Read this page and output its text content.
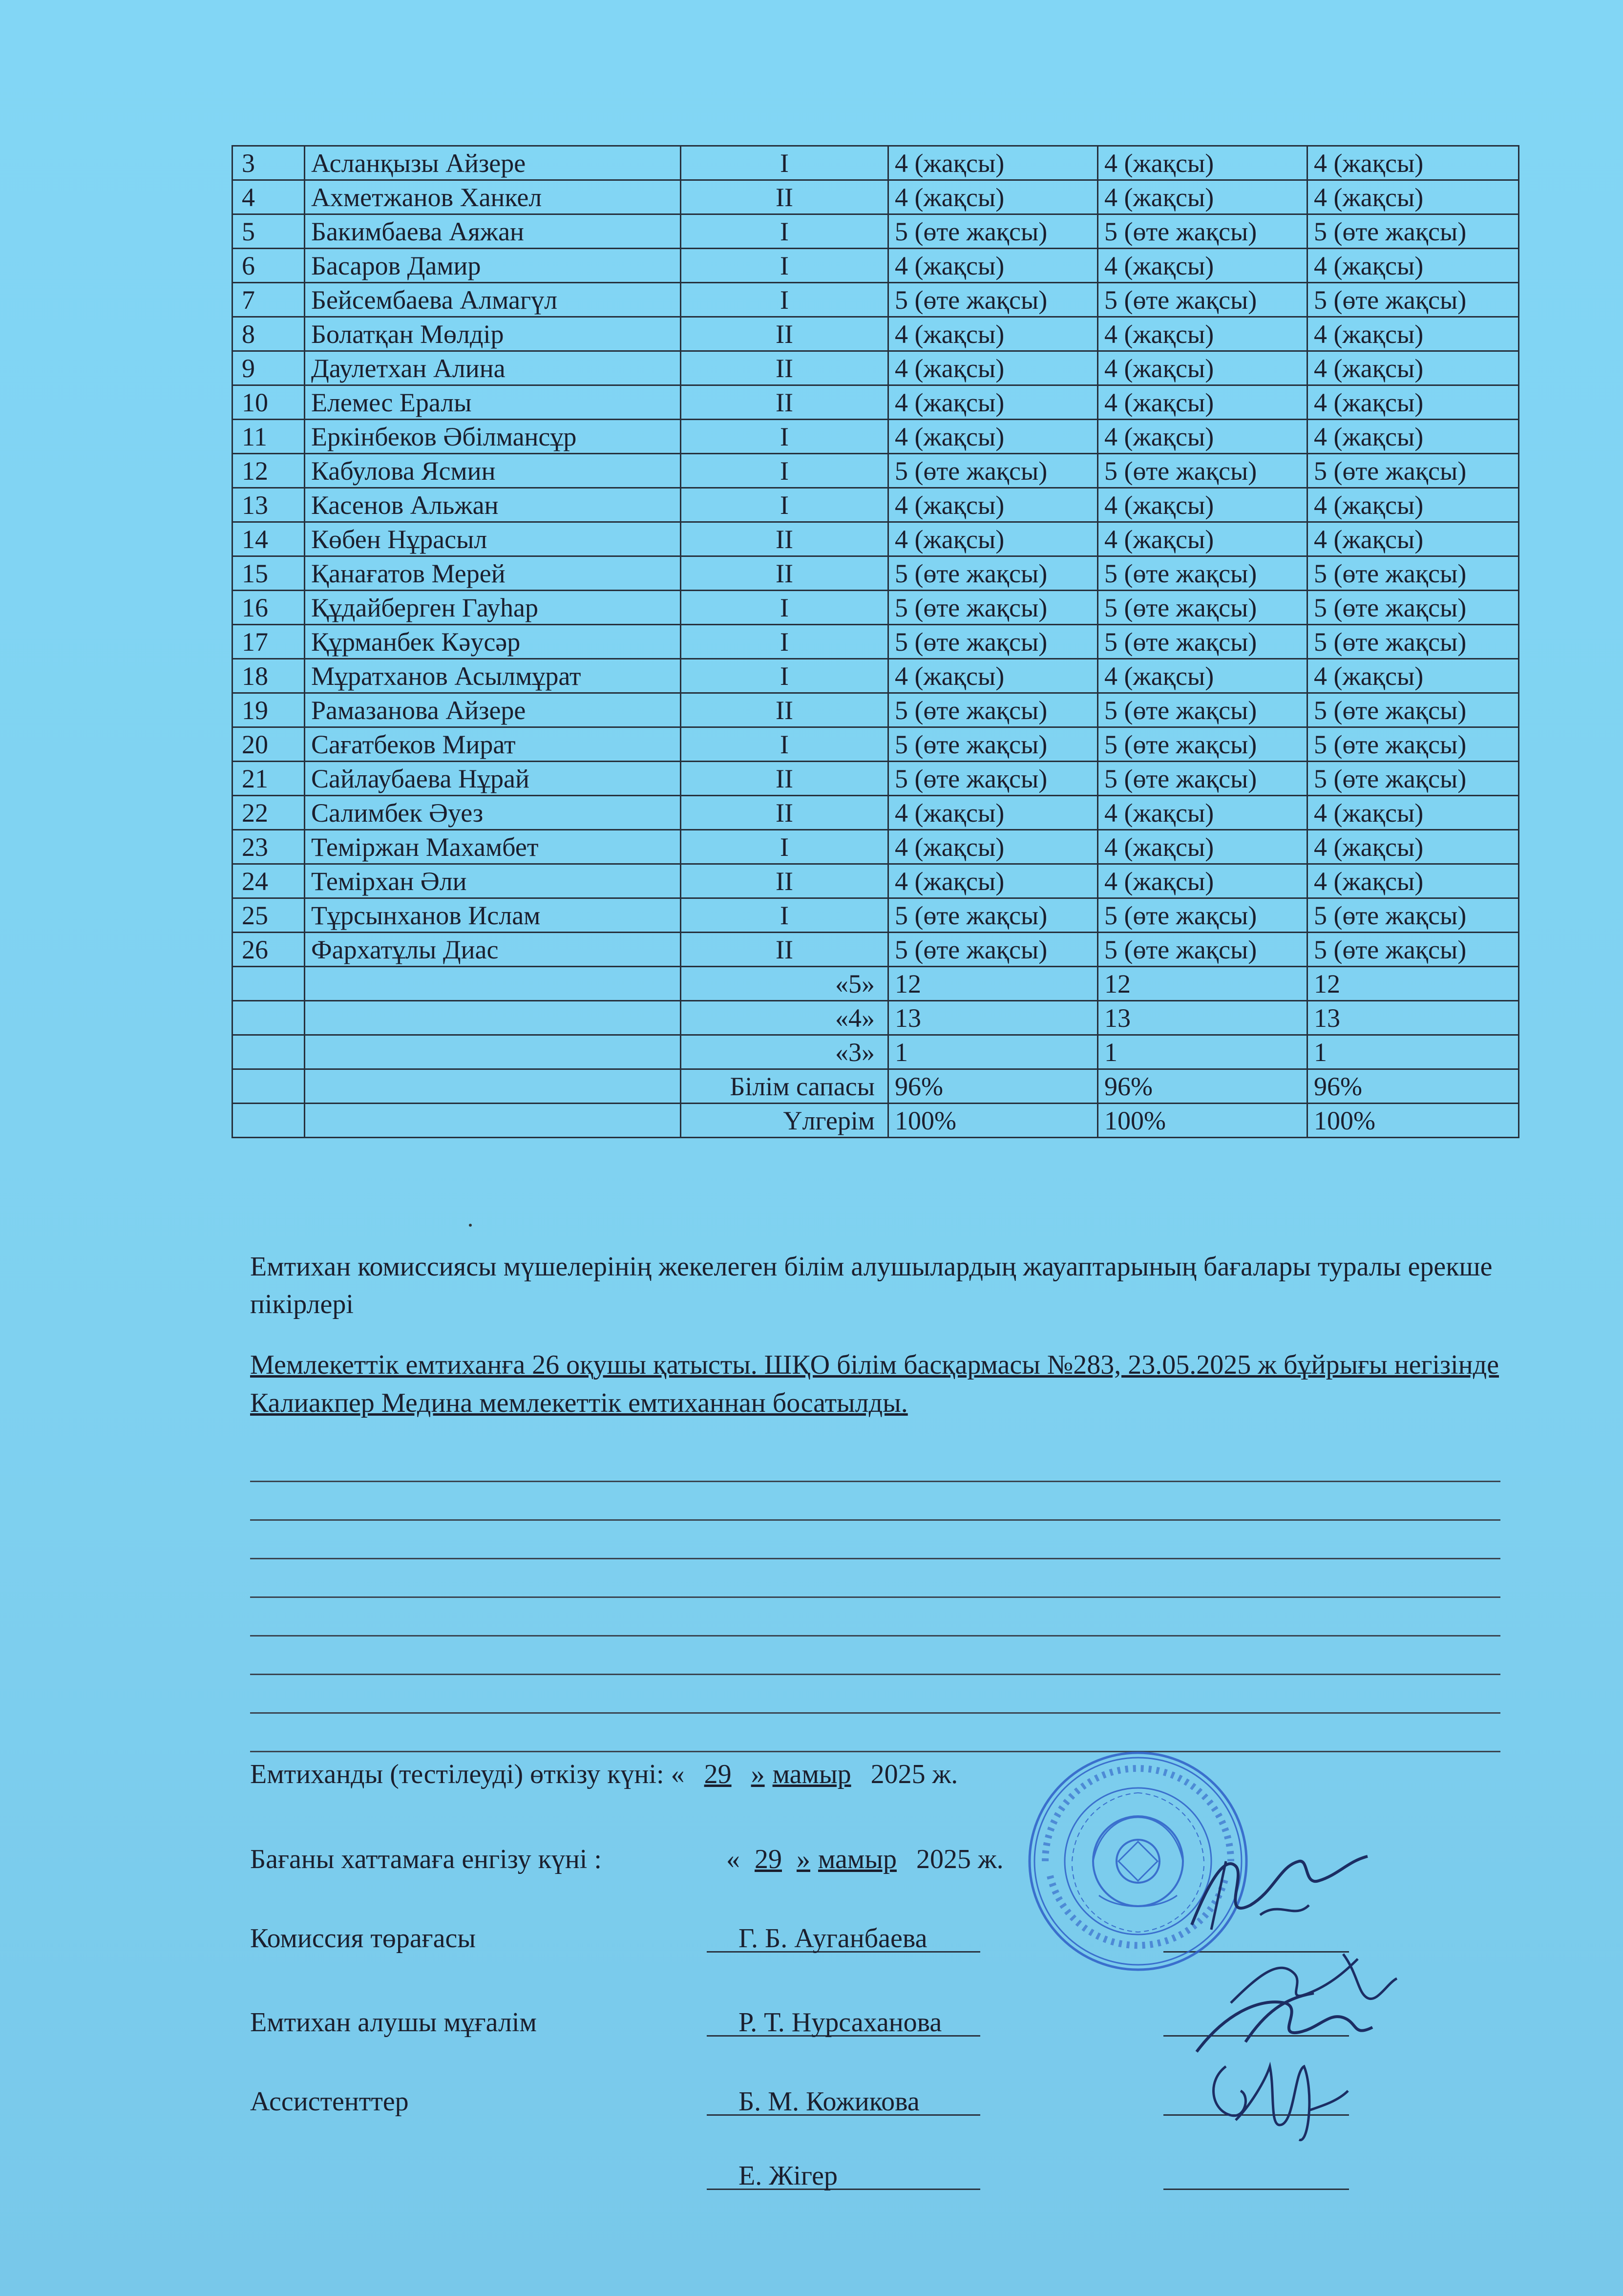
3	Асланқызы Айзере	I	4 (жақсы)	4 (жақсы)	4 (жақсы)
4	Ахметжанов Ханкел	II	4 (жақсы)	4 (жақсы)	4 (жақсы)
5	Бакимбаева Аяжан	I	5 (өте жақсы)	5 (өте жақсы)	5 (өте жақсы)
6	Басаров Дамир	I	4 (жақсы)	4 (жақсы)	4 (жақсы)
7	Бейсембаева Алмагүл	I	5 (өте жақсы)	5 (өте жақсы)	5 (өте жақсы)
8	Болатқан Мөлдір	II	4 (жақсы)	4 (жақсы)	4 (жақсы)
9	Даулетхан Алина	II	4 (жақсы)	4 (жақсы)	4 (жақсы)
10	Елемес Ералы	II	4 (жақсы)	4 (жақсы)	4 (жақсы)
11	Еркінбеков Әбілмансұр	I	4 (жақсы)	4 (жақсы)	4 (жақсы)
12	Кабулова Ясмин	I	5 (өте жақсы)	5 (өте жақсы)	5 (өте жақсы)
13	Касенов Альжан	I	4 (жақсы)	4 (жақсы)	4 (жақсы)
14	Көбен Нұрасыл	II	4 (жақсы)	4 (жақсы)	4 (жақсы)
15	Қанағатов Мерей	II	5 (өте жақсы)	5 (өте жақсы)	5 (өте жақсы)
16	Құдайберген Гауһар	I	5 (өте жақсы)	5 (өте жақсы)	5 (өте жақсы)
17	Құрманбек Кәусәр	I	5 (өте жақсы)	5 (өте жақсы)	5 (өте жақсы)
18	Мұратханов Асылмұрат	I	4 (жақсы)	4 (жақсы)	4 (жақсы)
19	Рамазанова Айзере	II	5 (өте жақсы)	5 (өте жақсы)	5 (өте жақсы)
20	Сағатбеков Мират	I	5 (өте жақсы)	5 (өте жақсы)	5 (өте жақсы)
21	Сайлаубаева Нұрай	II	5 (өте жақсы)	5 (өте жақсы)	5 (өте жақсы)
22	Салимбек Әуез	II	4 (жақсы)	4 (жақсы)	4 (жақсы)
23	Теміржан Махамбет	I	4 (жақсы)	4 (жақсы)	4 (жақсы)
24	Темірхан Әли	II	4 (жақсы)	4 (жақсы)	4 (жақсы)
25	Тұрсынханов Ислам	I	5 (өте жақсы)	5 (өте жақсы)	5 (өте жақсы)
26	Фархатұлы Диас	II	5 (өте жақсы)	5 (өте жақсы)	5 (өте жақсы)
		«5»	12	12	12
		«4»	13	13	13
		«3»	1	1	1
		Білім сапасы	96%	96%	96%
		Үлгерім	100%	100%	100%
Емтихан комиссиясы мүшелерінің жекелеген білім алушылардың жауаптарының бағалары туралы ерекше пікірлері
Мемлекеттік емтиханға 26 оқушы қатысты. ШҚО білім басқармасы №283, 23.05.2025 ж бұйрығы негізінде Калиакпер Медина мемлекеттік емтиханнан босатылды.
Емтиханды (тестілеуді) өткізу күні: « 29 » мамыр 2025 ж.
Бағаны хаттамаға енгізу күні :	« 29 » мамыр 2025 ж.
Комиссия төрағасы	Г. Б. Ауганбаева
Емтихан алушы мұғалім	Р. Т. Нурсаханова
Ассистенттер	Б. М. Кожикова
Е. Жігер
